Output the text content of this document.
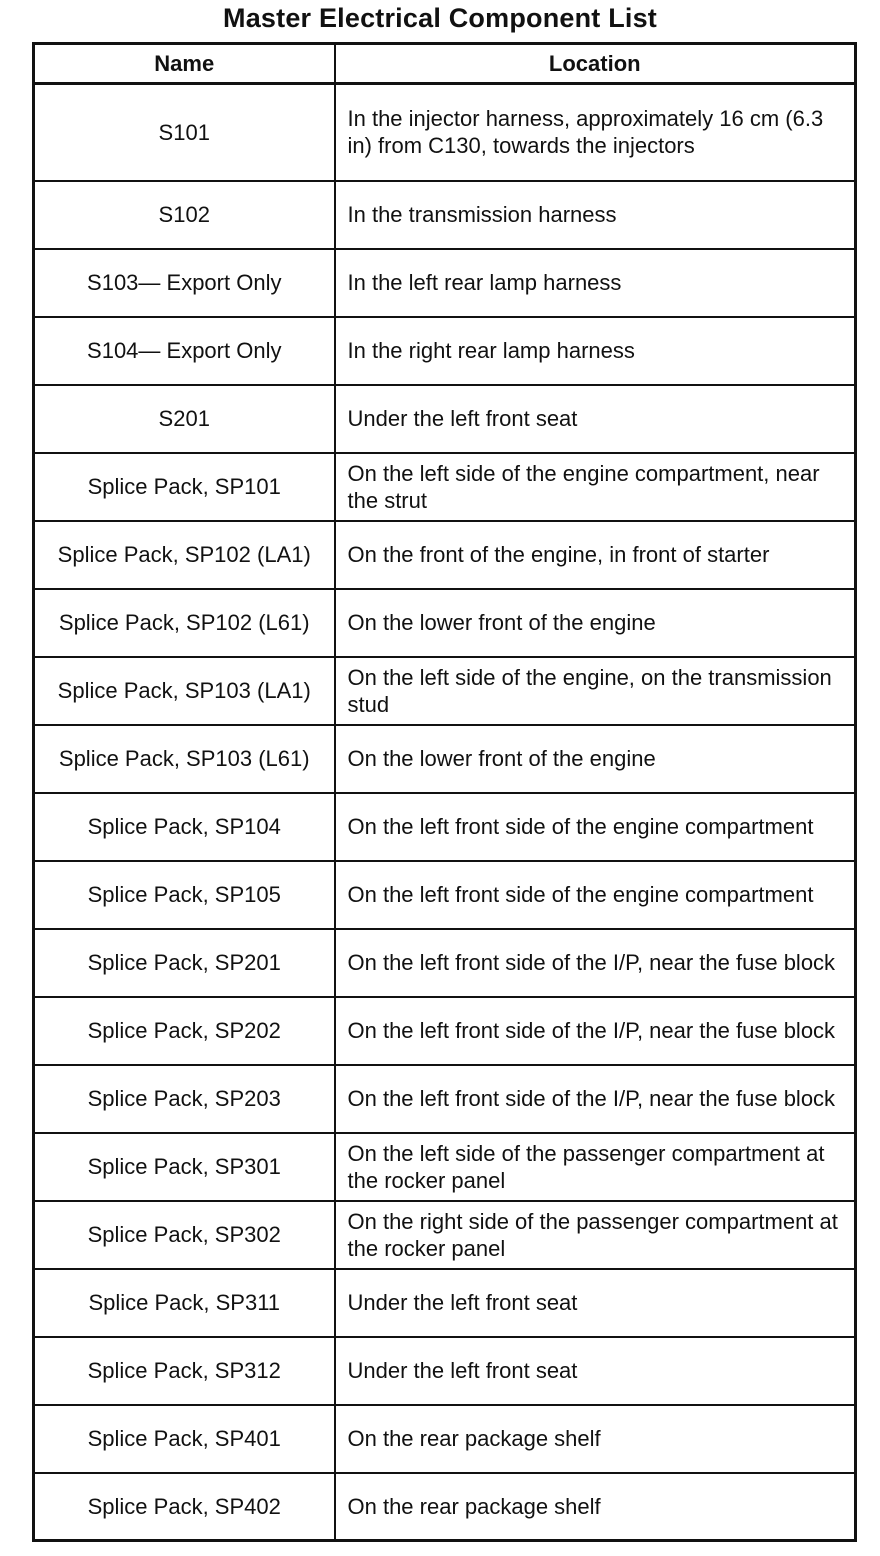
Master Electrical Component List
Name	Location
S101	In the injector harness, approximately 16 cm (6.3 in) from C130, towards the injectors
S102	In the transmission harness
S103— Export Only	In the left rear lamp harness
S104— Export Only	In the right rear lamp harness
S201	Under the left front seat
Splice Pack, SP101	On the left side of the engine compartment, near the strut
Splice Pack, SP102 (LA1)	On the front of the engine, in front of starter
Splice Pack, SP102 (L61)	On the lower front of the engine
Splice Pack, SP103 (LA1)	On the left side of the engine, on the transmission stud
Splice Pack, SP103 (L61)	On the lower front of the engine
Splice Pack, SP104	On the left front side of the engine compartment
Splice Pack, SP105	On the left front side of the engine compartment
Splice Pack, SP201	On the left front side of the I/P, near the fuse block
Splice Pack, SP202	On the left front side of the I/P, near the fuse block
Splice Pack, SP203	On the left front side of the I/P, near the fuse block
Splice Pack, SP301	On the left side of the passenger compartment at the rocker panel
Splice Pack, SP302	On the right side of the passenger compartment at the rocker panel
Splice Pack, SP311	Under the left front seat
Splice Pack, SP312	Under the left front seat
Splice Pack, SP401	On the rear package shelf
Splice Pack, SP402	On the rear package shelf
